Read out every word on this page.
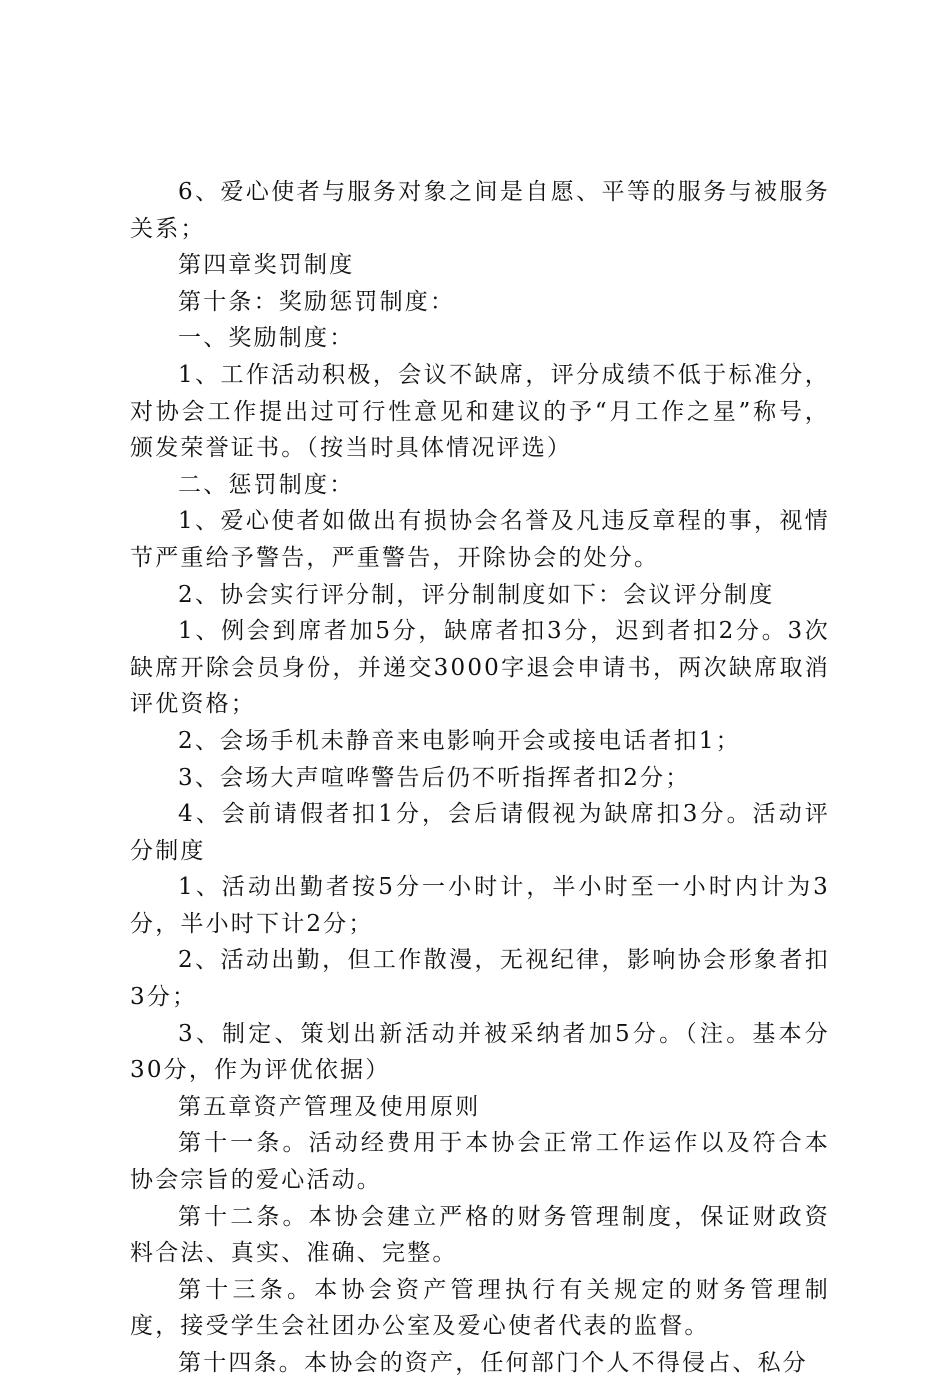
6、爱心使者与服务对象之间是自愿、平等的服务与被服务关系；

第四章奖罚制度

第十条：奖励惩罚制度：

一、奖励制度：

1、工作活动积极，会议不缺席，评分成绩不低于标准分，对协会工作提出过可行性意见和建议的予“月工作之星”称号，颁发荣誉证书。（按当时具体情况评选）

二、惩罚制度：

1、爱心使者如做出有损协会名誉及凡违反章程的事，视情节严重给予警告，严重警告，开除协会的处分。

2、协会实行评分制，评分制制度如下：会议评分制度

1、例会到席者加5分，缺席者扣3分，迟到者扣2分。3次缺席开除会员身份，并递交3000字退会申请书，两次缺席取消评优资格；

2、会场手机未静音来电影响开会或接电话者扣1；

3、会场大声喧哗警告后仍不听指挥者扣2分；

4、会前请假者扣1分，会后请假视为缺席扣3分。活动评分制度

1、活动出勤者按5分一小时计，半小时至一小时内计为3分，半小时下计2分；

2、活动出勤，但工作散漫，无视纪律，影响协会形象者扣3分；

3、制定、策划出新活动并被采纳者加5分。（注。基本分30分，作为评优依据）

第五章资产管理及使用原则

第十一条。活动经费用于本协会正常工作运作以及符合本协会宗旨的爱心活动。

第十二条。本协会建立严格的财务管理制度，保证财政资料合法、真实、准确、完整。

第十三条。本协会资产管理执行有关规定的财务管理制度，接受学生会社团办公室及爱心使者代表的监督。

第十四条。本协会的资产，任何部门个人不得侵占、私分
